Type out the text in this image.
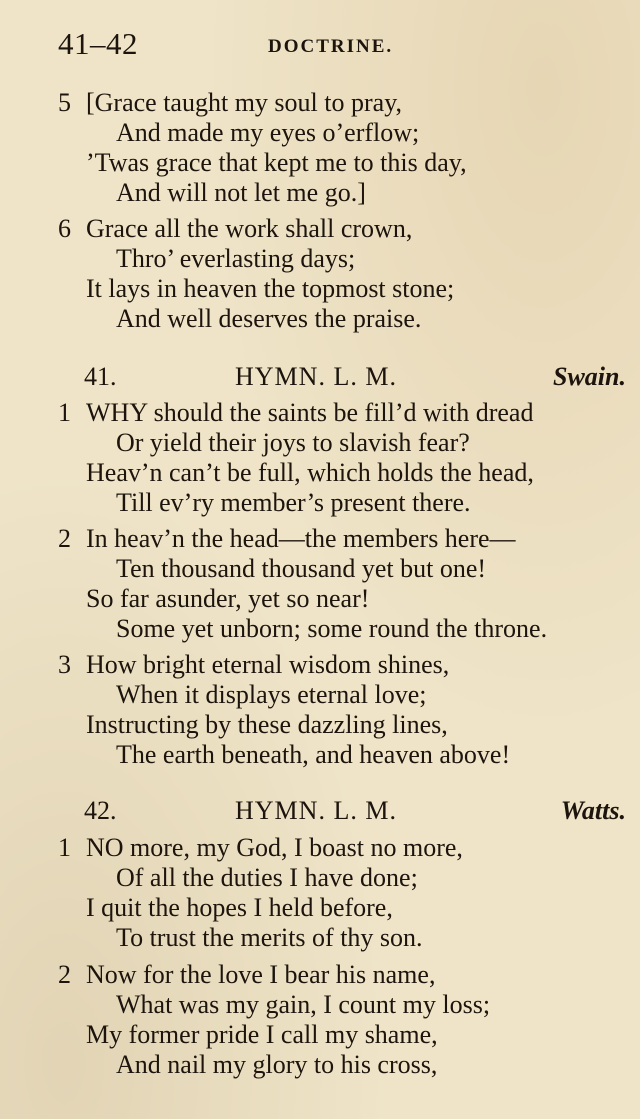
41–42	DOCTRINE.
5 [Grace taught my soul to pray,
And made my eyes o’erflow;
’Twas grace that kept me to this day,
And will not let me go.]
6 Grace all the work shall crown,
Thro’ everlasting days;
It lays in heaven the topmost stone;
And well deserves the praise.
41.	HYMN. L. M.	Swain.
1 WHY should the saints be fill’d with dread
Or yield their joys to slavish fear?
Heav’n can’t be full, which holds the head,
Till ev’ry member’s present there.
2 In heav’n the head—the members here—
Ten thousand thousand yet but one!
So far asunder, yet so near!
Some yet unborn; some round the throne.
3 How bright eternal wisdom shines,
When it displays eternal love;
Instructing by these dazzling lines,
The earth beneath, and heaven above!
42.	HYMN. L. M.	Watts.
1 NO more, my God, I boast no more,
Of all the duties I have done;
I quit the hopes I held before,
To trust the merits of thy son.
2 Now for the love I bear his name,
What was my gain, I count my loss;
My former pride I call my shame,
And nail my glory to his cross,
